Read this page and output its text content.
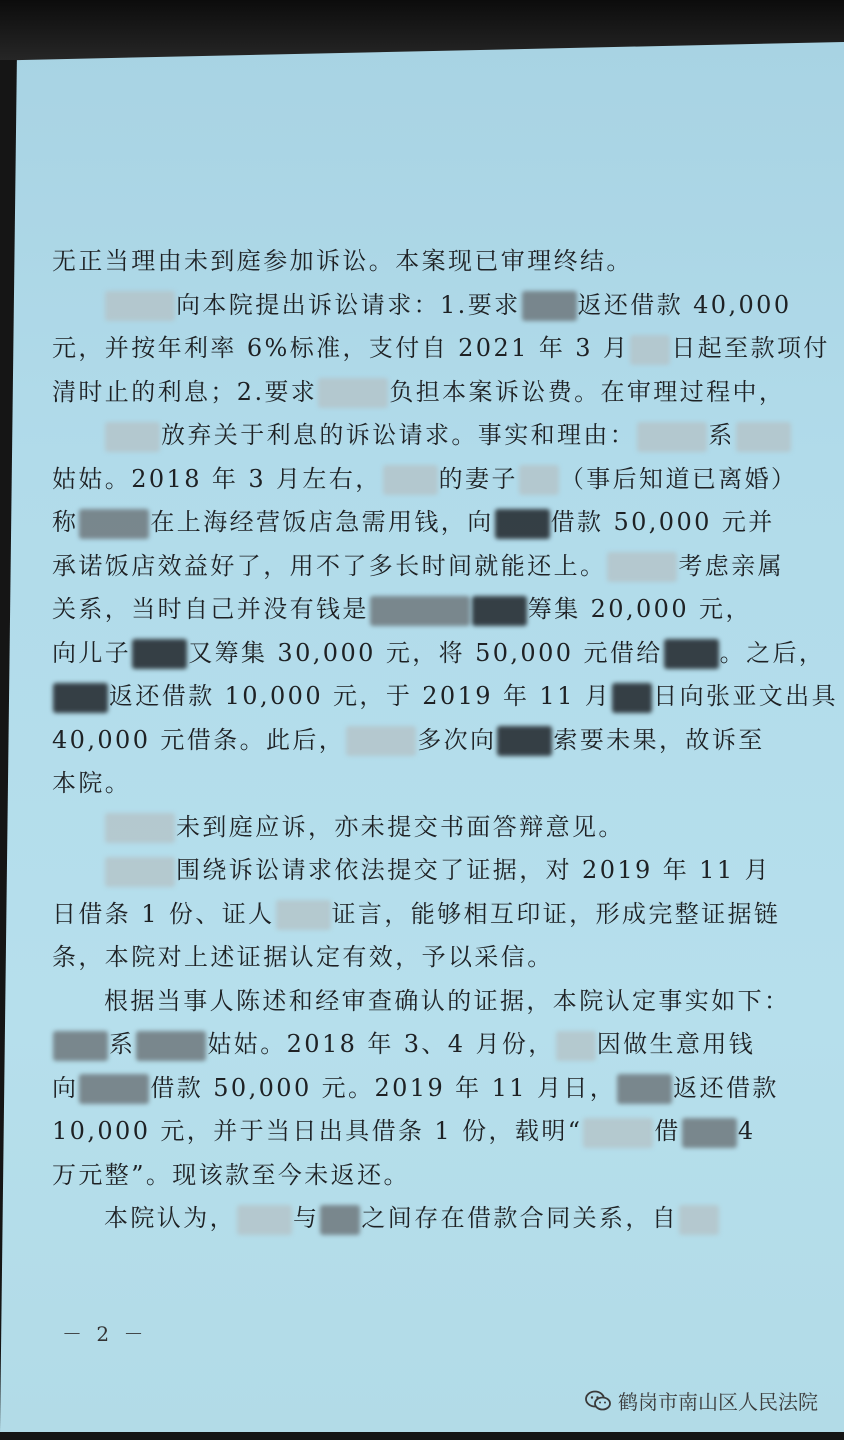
无正当理由未到庭参加诉讼。本案现已审理终结。
向本院提出诉讼请求：1.要求 返还借款 40,000
元，并按年利率 6%标准，支付自 2021 年 3 月 日起至款项付
清时止的利息；2.要求	负担本案诉讼费。在审理过程中，
放弃关于利息的诉讼请求。事实和理由：	系
姑姑。2018 年 3 月左右， 的妻子 （事后知道已离婚）
称	在上海经营饭店急需用钱，向 借款 50,000 元并
承诺饭店效益好了，用不了多长时间就能还上。	考虑亲属
关系，当时自己并没有钱是	筹集 20,000 元，
向儿子 又筹集 30,000 元，将 50,000 元借给 。之后，
返还借款 10,000 元，于 2019 年 11 月 日向张亚文出具
40,000 元借条。此后，	多次向 索要未果，故诉至
本院。
未到庭应诉，亦未提交书面答辩意见。
围绕诉讼请求依法提交了证据，对 2019 年 11 月
日借条 1 份、证人 证言，能够相互印证，形成完整证据链
条，本院对上述证据认定有效，予以采信。
根据当事人陈述和经审查确认的证据，本院认定事实如下：
系	姑姑。2018 年 3、4 月份， 因做生意用钱
向	借款 50,000 元。2019 年 11 月日， 返还借款
10,000 元，并于当日出具借条 1 份，载明“	借 4
万元整”。现该款至今未返还。
本院认为， 与 之间存在借款合同关系，自
－ 2 －
鹤岗市南山区人民法院
